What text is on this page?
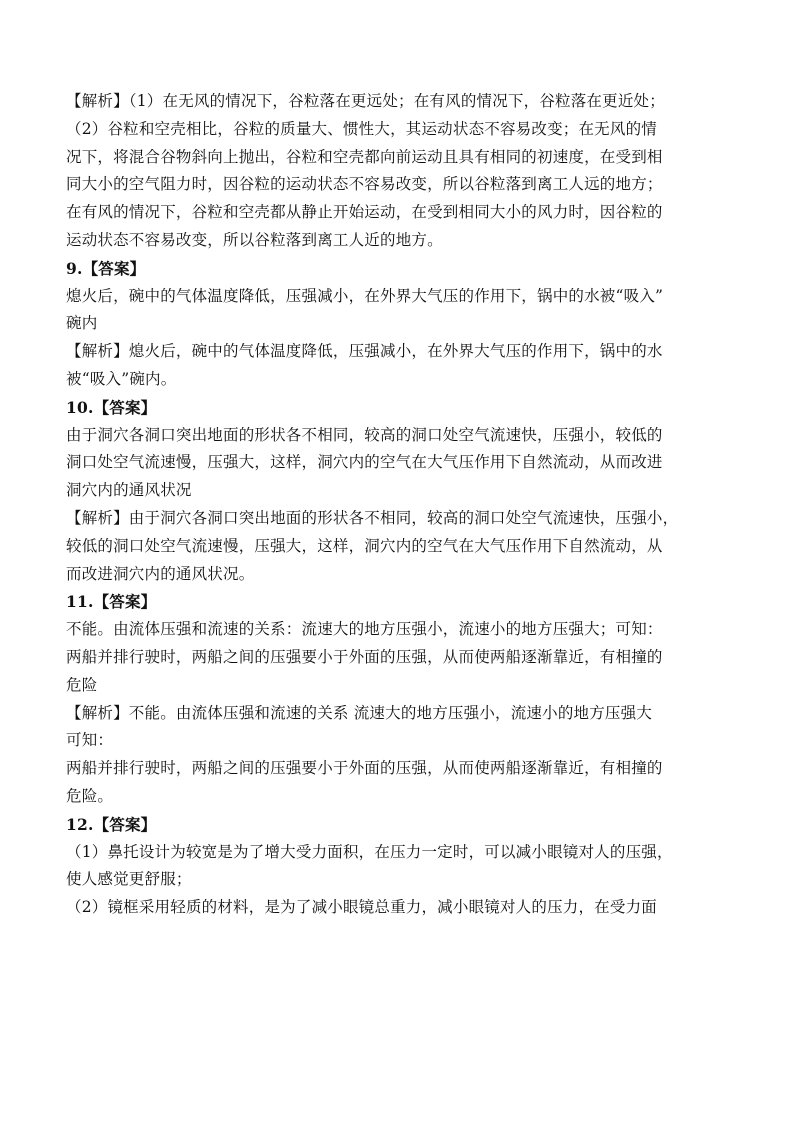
【解析】（1）在无风的情况下，谷粒落在更远处；在有风的情况下，谷粒落在更近处；
（2）谷粒和空壳相比，谷粒的质量大、惯性大，其运动状态不容易改变；在无风的情
况下，将混合谷物斜向上抛出，谷粒和空壳都向前运动且具有相同的初速度，在受到相
同大小的空气阻力时，因谷粒的运动状态不容易改变，所以谷粒落到离工人远的地方；
在有风的情况下，谷粒和空壳都从静止开始运动，在受到相同大小的风力时，因谷粒的
运动状态不容易改变，所以谷粒落到离工人近的地方。
9.【答案】
熄火后，碗中的气体温度降低，压强减小，在外界大气压的作用下，锅中的水被“吸入”
碗内
【解析】熄火后，碗中的气体温度降低，压强减小，在外界大气压的作用下，锅中的水
被“吸入”碗内。
10.【答案】
由于洞穴各洞口突出地面的形状各不相同，较高的洞口处空气流速快，压强小，较低的
洞口处空气流速慢，压强大，这样，洞穴内的空气在大气压作用下自然流动，从而改进
洞穴内的通风状况
【解析】由于洞穴各洞口突出地面的形状各不相同，较高的洞口处空气流速快，压强小，
较低的洞口处空气流速慢，压强大，这样，洞穴内的空气在大气压作用下自然流动，从
而改进洞穴内的通风状况。
11.【答案】
不能。由流体压强和流速的关系：流速大的地方压强小，流速小的地方压强大；可知：
两船并排行驶时，两船之间的压强要小于外面的压强，从而使两船逐渐靠近，有相撞的
危险
【解析】不能。由流体压强和流速的关系 流速大的地方压强小，流速小的地方压强大
可知：
两船并排行驶时，两船之间的压强要小于外面的压强，从而使两船逐渐靠近，有相撞的
危险。
12.【答案】
（1）鼻托设计为较宽是为了增大受力面积，在压力一定时，可以减小眼镜对人的压强，
使人感觉更舒服；
（2）镜框采用轻质的材料，是为了减小眼镜总重力，减小眼镜对人的压力，在受力面
